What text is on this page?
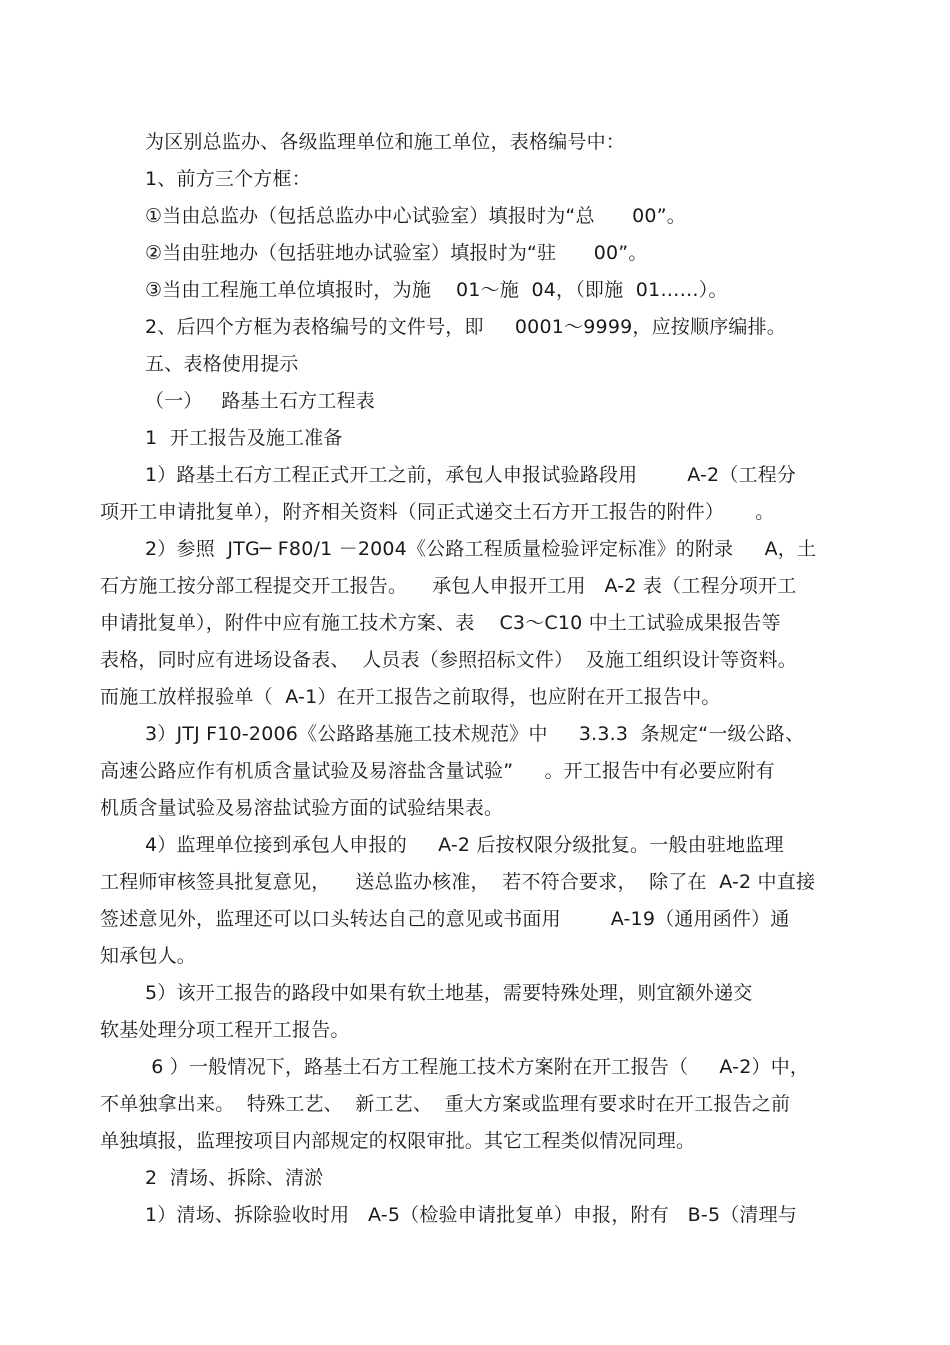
为区别总监办、各级监理单位和施工单位，表格编号中：

1、前方三个方框：

①当由总监办（包括总监办中心试验室）填报时为“总      00”。

②当由驻地办（包括驻地办试验室）填报时为“驻      00”。

③当由工程施工单位填报时，为施    01～施  04，（即施  01……）。

2、后四个方框为表格编号的文件号，即     0001～9999，应按顺序编排。

五、表格使用提示

（一）   路基土石方工程表

1  开工报告及施工准备

1）路基土石方工程正式开工之前，承包人申报试验路段用        A-2（工程分

项开工申请批复单），附齐相关资料（同正式递交土石方开工报告的附件）     。

2）参照  JTG─ F80/1 －2004《公路工程质量检验评定标准》的附录     A，土

石方施工按分部工程提交开工报告。    承包人申报开工用   A-2 表（工程分项开工

申请批复单），附件中应有施工技术方案、表    C3～C10 中土工试验成果报告等

表格，同时应有进场设备表、  人员表（参照招标文件）  及施工组织设计等资料。

而施工放样报验单（  A-1）在开工报告之前取得，也应附在开工报告中。

3）JTJ F10-2006《公路路基施工技术规范》中     3.3.3  条规定“一级公路、

高速公路应作有机质含量试验及易溶盐含量试验”     。开工报告中有必要应附有

机质含量试验及易溶盐试验方面的试验结果表。

4）监理单位接到承包人申报的     A-2 后按权限分级批复。一般由驻地监理

工程师审核签具批复意见，    送总监办核准，  若不符合要求，  除了在  A-2 中直接

签述意见外，监理还可以口头转达自己的意见或书面用        A-19（通用函件）通

知承包人。

5）该开工报告的路段中如果有软土地基，需要特殊处理，则宜额外递交

软基处理分项工程开工报告。

6 ）一般情况下，路基土石方工程施工技术方案附在开工报告（     A-2）中，

不单独拿出来。  特殊工艺、  新工艺、  重大方案或监理有要求时在开工报告之前

单独填报，监理按项目内部规定的权限审批。其它工程类似情况同理。

2  清场、拆除、清淤

1）清场、拆除验收时用   A-5（检验申请批复单）申报，附有   B-5（清理与
